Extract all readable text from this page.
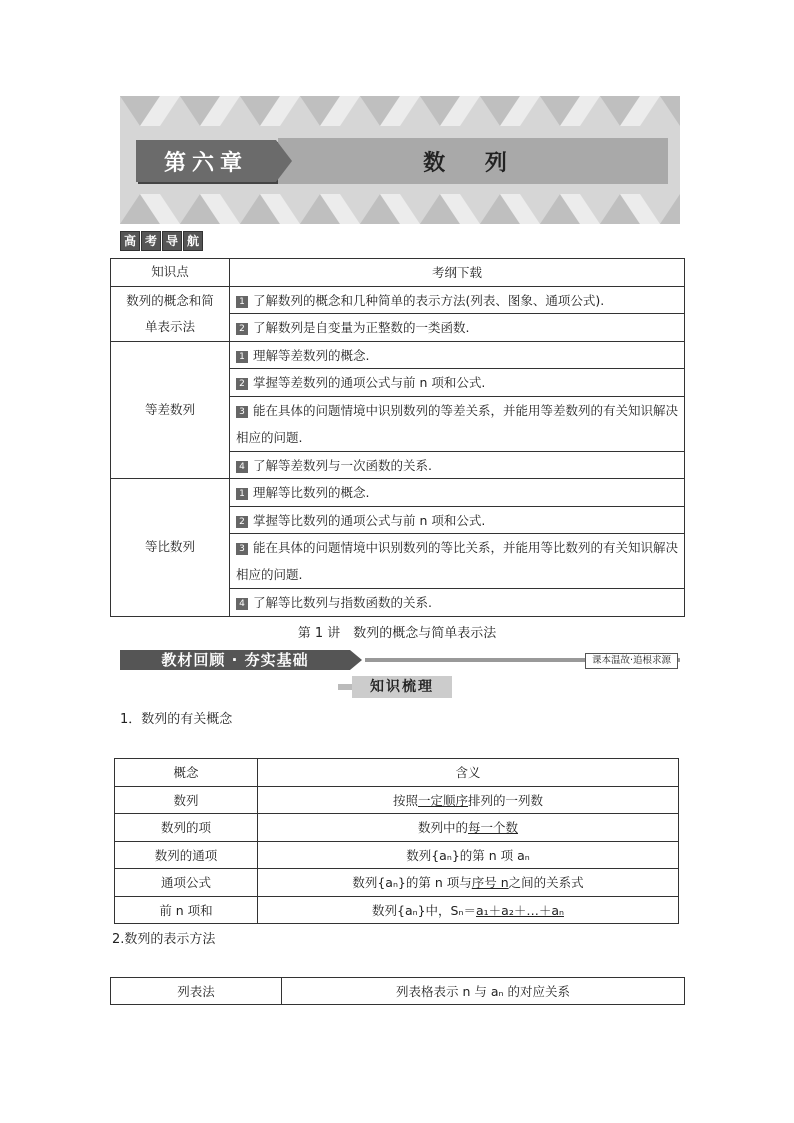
数 列
第六章
高 考 导 航
知识点	考纲下载
数列的概念和简单表示法	1 了解数列的概念和几种简单的表示方法(列表、图象、通项公式).
	2 了解数列是自变量为正整数的一类函数.
等差数列	1 理解等差数列的概念.
	2 掌握等差数列的通项公式与前 n 项和公式.
	3 能在具体的问题情境中识别数列的等差关系，并能用等差数列的有关知识解决相应的问题.
	4 了解等差数列与一次函数的关系.
等比数列	1 理解等比数列的概念.
	2 掌握等比数列的通项公式与前 n 项和公式.
	3 能在具体的问题情境中识别数列的等比关系，并能用等比数列的有关知识解决相应的问题.
	4 了解等比数列与指数函数的关系.
第 1 讲　数列的概念与简单表示法
教材回顾 · 夯实基础	课本温故·追根求源
知识梳理
1．数列的有关概念
概念	含义
数列	按照一定顺序排列的一列数
数列的项	数列中的每一个数
数列的通项	数列{aₙ}的第 n 项 aₙ
通项公式	数列{aₙ}的第 n 项与序号 n之间的关系式
前 n 项和	数列{aₙ}中，Sₙ＝a₁＋a₂＋…＋aₙ
2.数列的表示方法
列表法	列表格表示 n 与 aₙ 的对应关系
